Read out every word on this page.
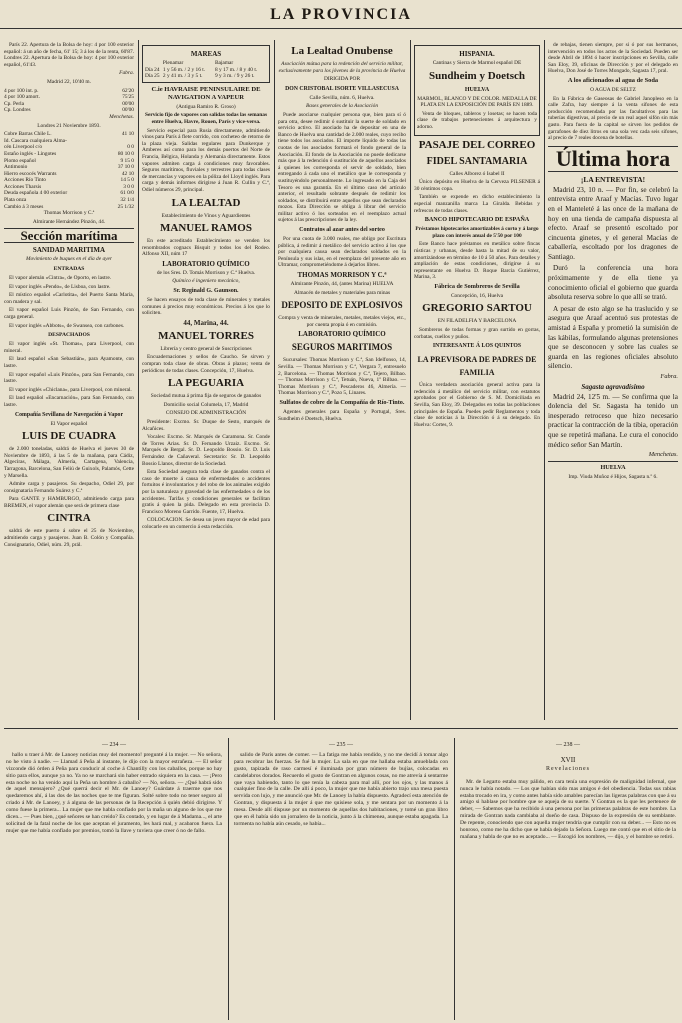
LA PROVINCIA

París 22. Apertura de la Bolsa de hoy: 4 por 100 exterior español: á un año de fecha, 61' 15; 3 á los de la renta, 60'87. Londres 22. Apertura de la Bolsa de hoy: 4 por 100 exterior español, 61'43.

Fabra.

Madrid 22, 10'40 m.

4 por 100 int. p.	62'20
4 por 100 amort.	75'25
Cp. Perla	00'00
Cp. Londres	00'00

Menchetas.

Londres 21 Noviembre 1893.

Cobre Barras Chile L.	41 10
Id. Cascara cualquiera Alma-	
cén Liverpool c/o	0 0
Estaño inglés - Lingotes	80 10 0
Plomo español	9 15 0
Antimonio	37 10 0
Hierro escocés Warrants	42 10
Acciones Río Tinto	14 5 0
Acciones Tharsis	3 0 0
Deuda española 4 00 exterior	61 0/0
Plata onza	32 1/4
Cambio á 3 meses	25 1/32

Thomas Morrison y C.ª

Almirante Hernández Pinzón, 44.

Sección marítima

SANIDAD MARITIMA

Movimiento de buques en el día de ayer

ENTRADAS

El vapor alemán «Cintra», de Oporto, en lastre.

El vapor inglés «Pendo», de Lisboa, con lastre.

El místico español «Carlotita», del Puerto Santa María, con madera y sal.

El vapor español Luis Pinzón, de San Fernando, con carga general.

El vapor inglés «Abbots», de Swansea, con carbones.

DESPACHADOS

El vapor inglés «St. Thomas», para Liverpool, con mineral.

El laud español «San Sebastián», para Ayamonte, con lastre.

El vapor español «Luis Pinzón», para San Fernando, con lastre.

El vapor inglés «Chiclana», para Liverpool, con mineral.

El laud español «Encarnación», para San Fernando, con lastre.

Compañía Sevillana de Navegación á Vapor

El Vapor español

LUIS DE CUADRA

de 2.000 toneladas, saldrá de Huelva el jueves 30 de Noviembre de 1893, á las 5 de la mañana, para Cádiz, Algeciras, Málaga, Almería, Cartagena, Valencia, Tarragona, Barcelona, San Feliú de Guixols, Palamós, Cette y Marsella.

Admite carga y pasajeros. Su despacho, Odiel 29, por consignataria Fernando Suárez y C.ª

Para GANTE y HAMBURGO, admitiendo carga para BREMEN, el vapor alemán que será de primera clase

CINTRA

saldrá de este puerto á sobre el 25 de Noviembre, admitiendo carga y pasajeros. Juan B. Colón y Compañía. Consignatario, Odiel, núm. 29, prál.

MAREAS

	Plenamar	Bajamar
Día 24	1 y 56 m. / 2 y 16 t.	8 y 17 m. / 8 y 40 t.
Día 25	2 y 41 m. / 3 y 5 t.	9 y 3 m. / 9 y 26 t.

C.ie HAVRAISE PENINSULAIRE DE NAVIGATION A VAPEUR

(Antigua Ramiro R. Groso)

Servicio fijo de vapores con salidas todas las semanas entre Huelva, Havre, Rouen, París y vice-versa.

Servicio especial para Rusia directamente, admitiendo vinos para París á flete corrido, con cocheteo de retorno de la plaza vieja. Salidas regulares para Dunkerque y Amberes así como para los demás puertos del Norte de Francia, Bélgica, Holanda y Alemania directamente. Estos vapores admiten carga á condiciones muy favorables. Seguros marítimos, fluviales y terrestres para todas clases de mercancías y vapores en la póliza del Lloyd inglés. Para carga y demás informes dirigirse á Juan R. Cullin y C.ª, Odiel números 29, principal.

LA LEALTAD

Establecimiento de Vinos y Aguardientes

MANUEL RAMOS

En este acreditado Establecimiento se venden los renombrados cognacs Bisquit y todos los del Rodeo. Alfonso XII, núm 17

LABORATORIO QUÍMICO

de los Sres. D. Tomás Morrison y C.ª Huelva.

Químico é ingeniero mecánico,

Sr. Reginald G. Gaunson.

Se hacen ensayos de toda clase de minerales y metales comunes á precios muy económicos. Precios á los que lo soliciten.

44, Marina, 44.

MANUEL TORRES

Librería y centro general de Suscripciones

Encuadernaciones y sellos de Caucho. Se sirven y compran toda clase de obras. Obras á plazos; venta de periódicos de todas clases. Concepción, 17, Huelva.

LA PEGUARIA

Sociedad mutua á prima fija de seguros de ganados

Domicilio social Columela, 17, Madrid

CONSEJO DE ADMINISTRACIÓN

Presidente: Excmo. Sr. Duque de Sesto, marqués de Alcañices.

Vocales: Excmo. Sr. Marqués de Caramona. Sr. Conde de Torres Arias. Sr. D. Fernando Urzaiz. Excmo. Sr. Marqués de Bergal. Sr. D. Leopoldo Bossio. Sr. D. Luis Fernández de Cañaveral. Secretario: Sr. D. Leopoldo Bossio Llanos, director de la Sociedad.

Esta Sociedad asegura toda clase de ganados contra el caso de muerte á causa de enfermedades o accidentes fortuitos é involuntarios y del robo de los animales exigido por la naturaleza y gravedad de las enfermedades o de los accidentes. Tarifas y condiciones generales se facilitan gratis á quien la pida. Delegado en esta provincia D. Francisco Moreno Garrido. Fuente, 17, Huelva.

COLOCACION. Se desea un joven mayor de edad para colocarle en un comercio á esta redacción.

La Lealtad Onubense

Asociación mútua para la redención del servicio militar, exclusivamente para los jóvenes de la provincia de Huelva

DIRIGIDA POR

DON CRISTOBAL ISORTE VILLASECUSA

Calle Sevilla, núm. 6, Huelva.

Bases generales de la Asociación

Puede asociarse cualquier persona que, bien para sí ó para otra, desee redimir ó sustituir la suerte de soldado en servicio activo. El asociado ha de depositar en una de Banco de Huelva una cantidad de 2.000 reales, cuyo recibo tiene todos los asociados. El importe líquido de todas las cuotas de los asociados formará el fondo general de la Asociación. El fondo de la Asociación no puede dedicarse más que á la redención ó sustitución de aquellos asociados á quienes les corresponda el servir de soldado, bien entregando á cada uno el metálico que le corresponda y sustituyéndolo personalmente. Lo ingresado en la Caja del Tesoro es una garantía. En el último caso del artículo anterior, el resultado sobrante después de redimir los soldados, se distribuirá entre aquellos que sean declarados mozos. Esta Dirección se obliga á librar del servicio militar activo ó los sorteados en el reemplazo actual sujetos á las prescripciones de la ley.

Contratos al azar antes del sorteo

Por una cuota de 3.000 reales, me obligo por Escritura pública, á redimir á metálico del servicio activo á los que por cualquiera causa sean declarados soldados en la Península y sus islas, en el reemplazo del presente año en Ultramar, comprometiéndome á dejarlos libres.

THOMAS MORRISON Y C.ª

Almirante Pinzón, 44, (antes Marina) HUELVA

Almacén de metales y materiales para minas

DEPOSITO DE EXPLOSIVOS

Compra y venta de minerales, metales, metales viejos, etc., por cuenta propia ó en comisión.

LABORATORIO QUÍMICO

SEGUROS MARITIMOS

Sucursales: Thomas Morrison y C.ª, San Idelfonso, 14, Sevilla. — Thomas Morrison y C.ª, Vergara 7, entresuelo 2, Barcelona. — Thomas Morrison y C.ª, Tejero, Bilbao. — Thomas Morrison y C.ª, Tetuán, Nueva, 1º Bilbao. — Thomas Morrison y C.ª, Pescaderos 46, Almería. — Thomas Morrison y C.ª, Pozo 5, Linares.

Sulfatos de cobre de la Compañía de Río-Tinto.

Agentes generales para España y Portugal, Sres. Sundheim é Doetsch, Huelva.

HISPANIA.

Cantinas y Sierra de Marmol español DE

Sundheim y Doetsch

HUELVA

MARMOL, BLANCO Y DE COLOR. MEDALLA DE PLATA EN LA EXPOSICIÓN DE PARÍS EN 1889.

Venta de bloques, tableros y losetas; se hacen toda clase de trabajos pertenecientes á arquitectura y adorno.

PASAJE DEL CORREO
FIDEL SANTAMARIA

Calles Alborez ó Isabel II

Único depósito en Huelva de la Cerveza PILSENER á 30 céntimos copa.

También se expende en dicho establecimiento la especial manzanilla marca La Giralda. Bebidas y refrescos de todas clases.

BANCO HIPOTECARIO DE ESPAÑA

Préstamos hipotecarios amortizables á corto y á largo plazo con interés anual de 5'50 por 100

Este Banco hace préstamos en metálico sobre fincas rústicas y urbanas, desde hasta la mitad de su valor, amortizándose en término de 10 á 50 años. Para detalles y ampliación de estas condiciones, dirigirse á su representante en Huelva D. Roque Barcia Gutiérrez, Marina, 3.

Fábrica de Sombreros de Sevilla

Concepción, 16, Huelva

GREGORIO SARTOU

EN FILADELFIA Y BARCELONA

Sombreros de todas formas y gran surtido en gorras, corbatas, cuellos y puños.

INTERESANTE Á LOS QUINTOS

LA PREVISORA DE PADRES DE FAMILIA

Única verdadera asociación general activa para la redención á metálico del servicio militar, con estatutos aprobados por el Gobierno de S. M. Domiciliada en Sevilla, San Eloy, 39. Delegados en todas las poblaciones principales de España. Puedes pedir Reglamentos y toda clase de noticias á la Dirección ó á su delegado. En Huelva: Cortes, 9.

de rebajas, tienen siempre, por si ó por sus hermanos, intervención en todos los actos de la Sociedad. Pueden ser desde Abril de 1894 ó hacer inscripciones en Sevilla, calle San Eloy, 39, oficinas de Dirección y por el delegado en Huelva, Don José de Torres Mongado, Sagasta 17, pral.

A los aficionados al agua de Soda

O AGUA DE SELTZ

En la Fábrica de Gaseosas de Gabriel Janopleso en la calle Zafra, hay siempre á la venta sifones de esta producción recomendada por las facultativos para las tuberías digestivas, al precio de un real aquel sifón sin más gasto. Para fuera de la capital se sirven los pedidos de garrafones de diez litros en una sola vez cada seis sifones, al precio de 7 reales docena de botellas.

Última hora

¡LA ENTREVISTA!

Madrid 23, 10 n. — Por fin, se celebró la entrevista entre Araaf y Macías. Tuvo lugar en el Manteleté á las once de la mañana de hoy en una tienda de campaña dispuesta al efecto. Araaf se presentó escoltado por cincuenta ginetes, y el general Macías de caballería, escoltado por los dragones de Santiago.

Duró la conferencia una hora próximamente y de ella tiene ya conocimiento oficial el gobierno que guarda absoluta reserva sobre lo que allí se trató.

A pesar de esto algo se ha traslucido y se asegura que Araaf acentuó sus protestas de amistad á España y prometió la sumisión de las kábilas, formulando algunas pretensiones que se desconocen y sobre las cuales se guarda en las regiones oficiales absoluto silencio.

Fabra.

Sagasta agravadísimo

Madrid 24, 12'5 m. — Se confirma que la dolencia del Sr. Sagasta ha tenido un inesperado retroceso que hizo necesario practicar la contracción de la tibia, operación que se repetirá mañana. Le cura el conocido médico señor San Martín.

Menchetas.

HUELVA

Imp. Viuda Muñoz é Hijos, Sagasta n.º 6.

— 234 —

hallo u traer á Mr. de Lanoey noticias muy del momento! pregunté á la mujer. — No señora, no he visto á nadie. — Llamad á Peña al instante, le dijo con la mayor estrañeza. — El señor vizconde dió órden á Peña para conducir al coche á Chantilly con los caballos, porque no hay sitio para ellos, aunque ya no. Ya no se marchará sin haber entrado siquiera en la casa. — ¡Pero esta noche no ha venido aquí la Peña un hombre á caballo? — No, señora. — ¿Qué habrá sido de aquel mensajero? ¿Qué querrá decir el Mr. de Lanoey? Guárdate á traerme que nos quedaremos ahí, á las dos de las noches que te me figuran. Solté sobre todo no tener seguro al criado á Mr. de Lanoey, y á alguna de las personas de la Recepción á quién debió dirigirse. Y como fuese la primera... La mujer que me habla confiado por la maña un alguno de los que me dicen... — Pues bien, ¿qué señores se han creido? Es contado, y en lugar de á Madama..., el arte solicitud de la fatal noche de los que aceptan el juramento, les hará mal, y acabaron fuera. La mujer que me había confiado por premios, tomó la llave y tuviera que creer ó no de fallo.

— 235 —

salido de París antes de comer. — La fatiga me había rendido, y no me decidí á tomar algo para recobrar las fuerzas. Se fué la mujer. La sala en que me hallaba estaba amueblada con gusto, tapizada de raso carmesí é iluminada por gran número de bujías, colocadas en candelabros dorados. Recuerdo el gusto de Gontran en algunos cosas, no me atrevía á sentarme que vaya habiendo, tanto lo que tenía la cabeza para mal allí, por los ojos, y las manos á cualquier fino de la calle. De allí á poco, la mujer que me había abierto trajo una mesa puesta servida con lujo, y me anunció que Mr. de Lanoey la había dispuesto. Agradecí esta atención de Gontran, y dispuesta á la mujer á que me quisiese sola, y me sentara por un momento á la mesa. Desde allí dispuse por un momento de aquellas dos habitaciones, y tomé un gran libro que en él había sido un jornalero de la noticia, junto á la chimenea, aunque estaba apagada. La tormenta no había aún cesado, se había...

— 238 —
XVII
Revelaciones

Mr. de Legarto estaba muy pálido, en cara tenía una expresión de malignidad infernal, que nunca le había notado. — Los que habían sido mas amigos é del obediencia. Todas sus rabias estaba trocado en ira, y como antes había sido amables parecían las ligeras palabras con que á su amigo si hablase por hombre que se aqueja de su suerte. Y Gontran es la que les pertenece de deber, — Sabemos que ha recibido á una persona por las primeras palabras de este hombre. La mirada de Gontran nada cambiaba al dueño de casa. Dispuso de la expresión de su semblante. De repente, conociendo que con aquella mujer tendría que cumplir con su deber... — Esto no es honroso, como me ha dicho que se había dejado la Señora. Luego me contó que en el sitio de la mañana y habla de que no es aceptado... — Escogió los nombres, — dijo, y el hombre se retiró.
